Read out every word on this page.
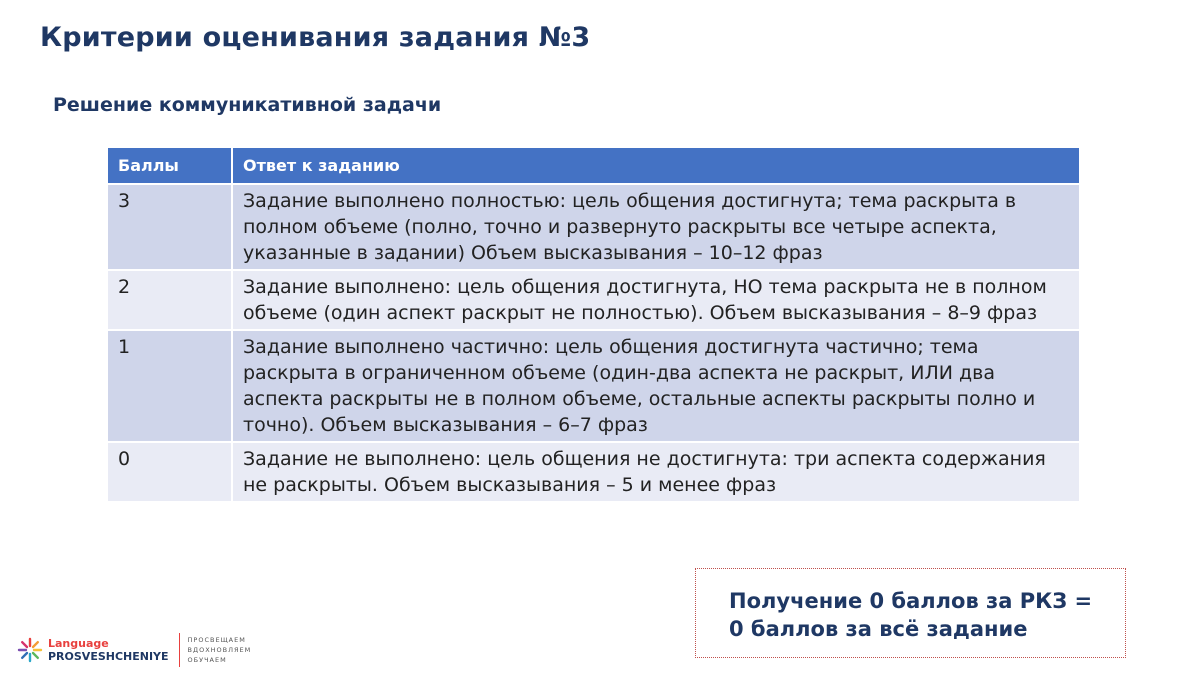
Критерии оценивания задания №3
Решение коммуникативной задачи
Баллы	Ответ к заданию
3	Задание выполнено полностью: цель общения достигнута; тема раскрыта в полном объеме (полно, точно и развернуто раскрыты все четыре аспекта, указанные в задании) Объем высказывания – 10–12 фраз
2	Задание выполнено: цель общения достигнута, НО тема раскрыта не в полном объеме (один аспект раскрыт не полностью). Объем высказывания – 8–9 фраз
1	Задание выполнено частично: цель общения достигнута частично; тема раскрыта в ограниченном объеме (один-два аспекта не раскрыт, ИЛИ два аспекта раскрыты не в полном объеме, остальные аспекты раскрыты полно и точно). Объем высказывания – 6–7 фраз
0	Задание не выполнено: цель общения не достигнута: три аспекта содержания не раскрыты. Объем высказывания – 5 и менее фраз
Получение 0 баллов за РКЗ = 0 баллов за всё задание
Language
PROSVESHCHENIYE
ПРОСВЕЩАЕМ
ВДОХНОВЛЯЕМ
ОБУЧАЕМ
